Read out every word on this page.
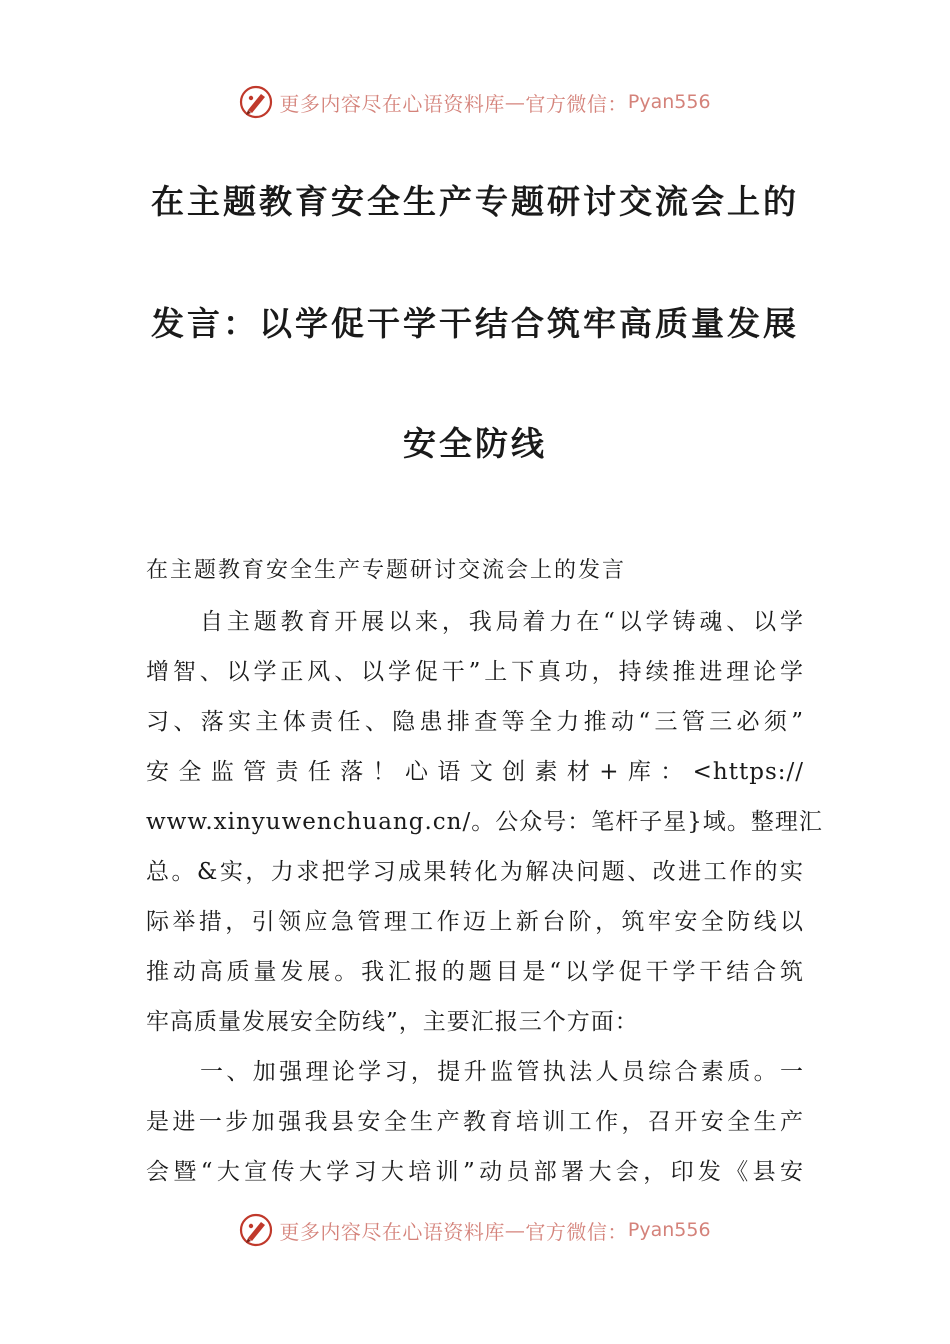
更多内容尽在心语资料库 — 官方微信： Pyan556
在主题教育安全生产专题研讨交流会上的
发言：以学促干学干结合筑牢高质量发展
安全防线
在主题教育安全生产专题研讨交流会上的发言
自主题教育开展以来，我局着力在“以学铸魂、以学
增智、以学正风、以学促干”上下真功，持续推进理论学
习、落实主体责任、隐患排查等全力推动“三管三必须”
安全监管责任落！心语文创素材+库：<https://
www.xinyuwenchuang.cn/。公众号：笔杆子星}域。整理汇
总。&实，力求把学习成果转化为解决问题、改进工作的实
际举措，引领应急管理工作迈上新台阶，筑牢安全防线以
推动高质量发展。我汇报的题目是“以学促干学干结合筑
牢高质量发展安全防线”，主要汇报三个方面：
一、加强理论学习，提升监管执法人员综合素质。一
是进一步加强我县安全生产教育培训工作，召开安全生产
会暨“大宣传大学习大培训”动员部署大会，印发《县安
更多内容尽在心语资料库 — 官方微信： Pyan556
